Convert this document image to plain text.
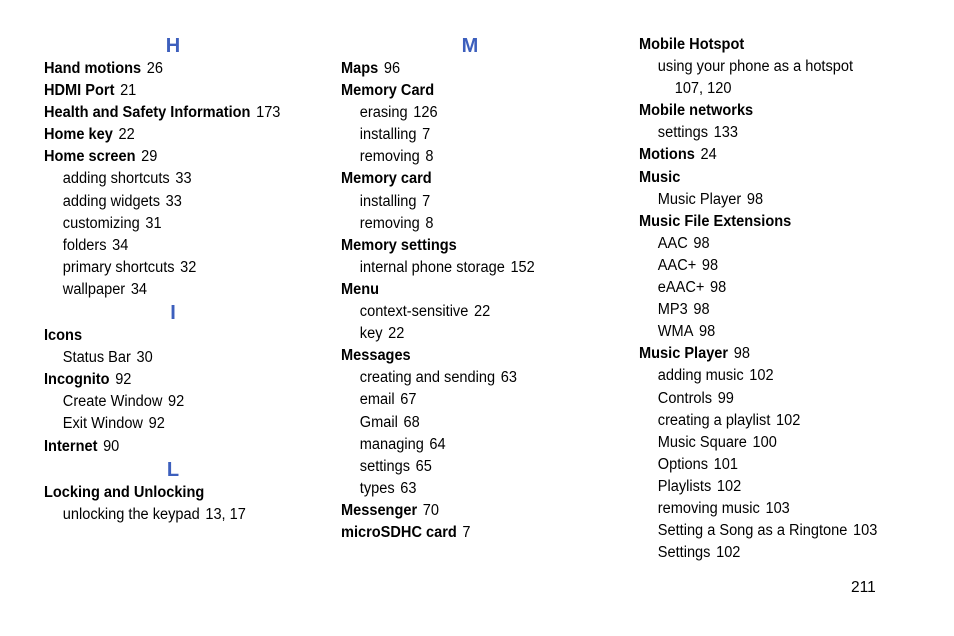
H
Hand motions 26
HDMI Port 21
Health and Safety Information 173
Home key 22
Home screen 29
adding shortcuts 33
adding widgets 33
customizing 31
folders 34
primary shortcuts 32
wallpaper 34
I
Icons
Status Bar 30
Incognito 92
Create Window 92
Exit Window 92
Internet 90
L
Locking and Unlocking
unlocking the keypad 13, 17
M
Maps 96
Memory Card
erasing 126
installing 7
removing 8
Memory card
installing 7
removing 8
Memory settings
internal phone storage 152
Menu
context-sensitive 22
key 22
Messages
creating and sending 63
email 67
Gmail 68
managing 64
settings 65
types 63
Messenger 70
microSDHC card 7
Mobile Hotspot
using your phone as a hotspot
107, 120
Mobile networks
settings 133
Motions 24
Music
Music Player 98
Music File Extensions
AAC 98
AAC+ 98
eAAC+ 98
MP3 98
WMA 98
Music Player 98
adding music 102
Controls 99
creating a playlist 102
Music Square 100
Options 101
Playlists 102
removing music 103
Setting a Song as a Ringtone 103
Settings 102
211
